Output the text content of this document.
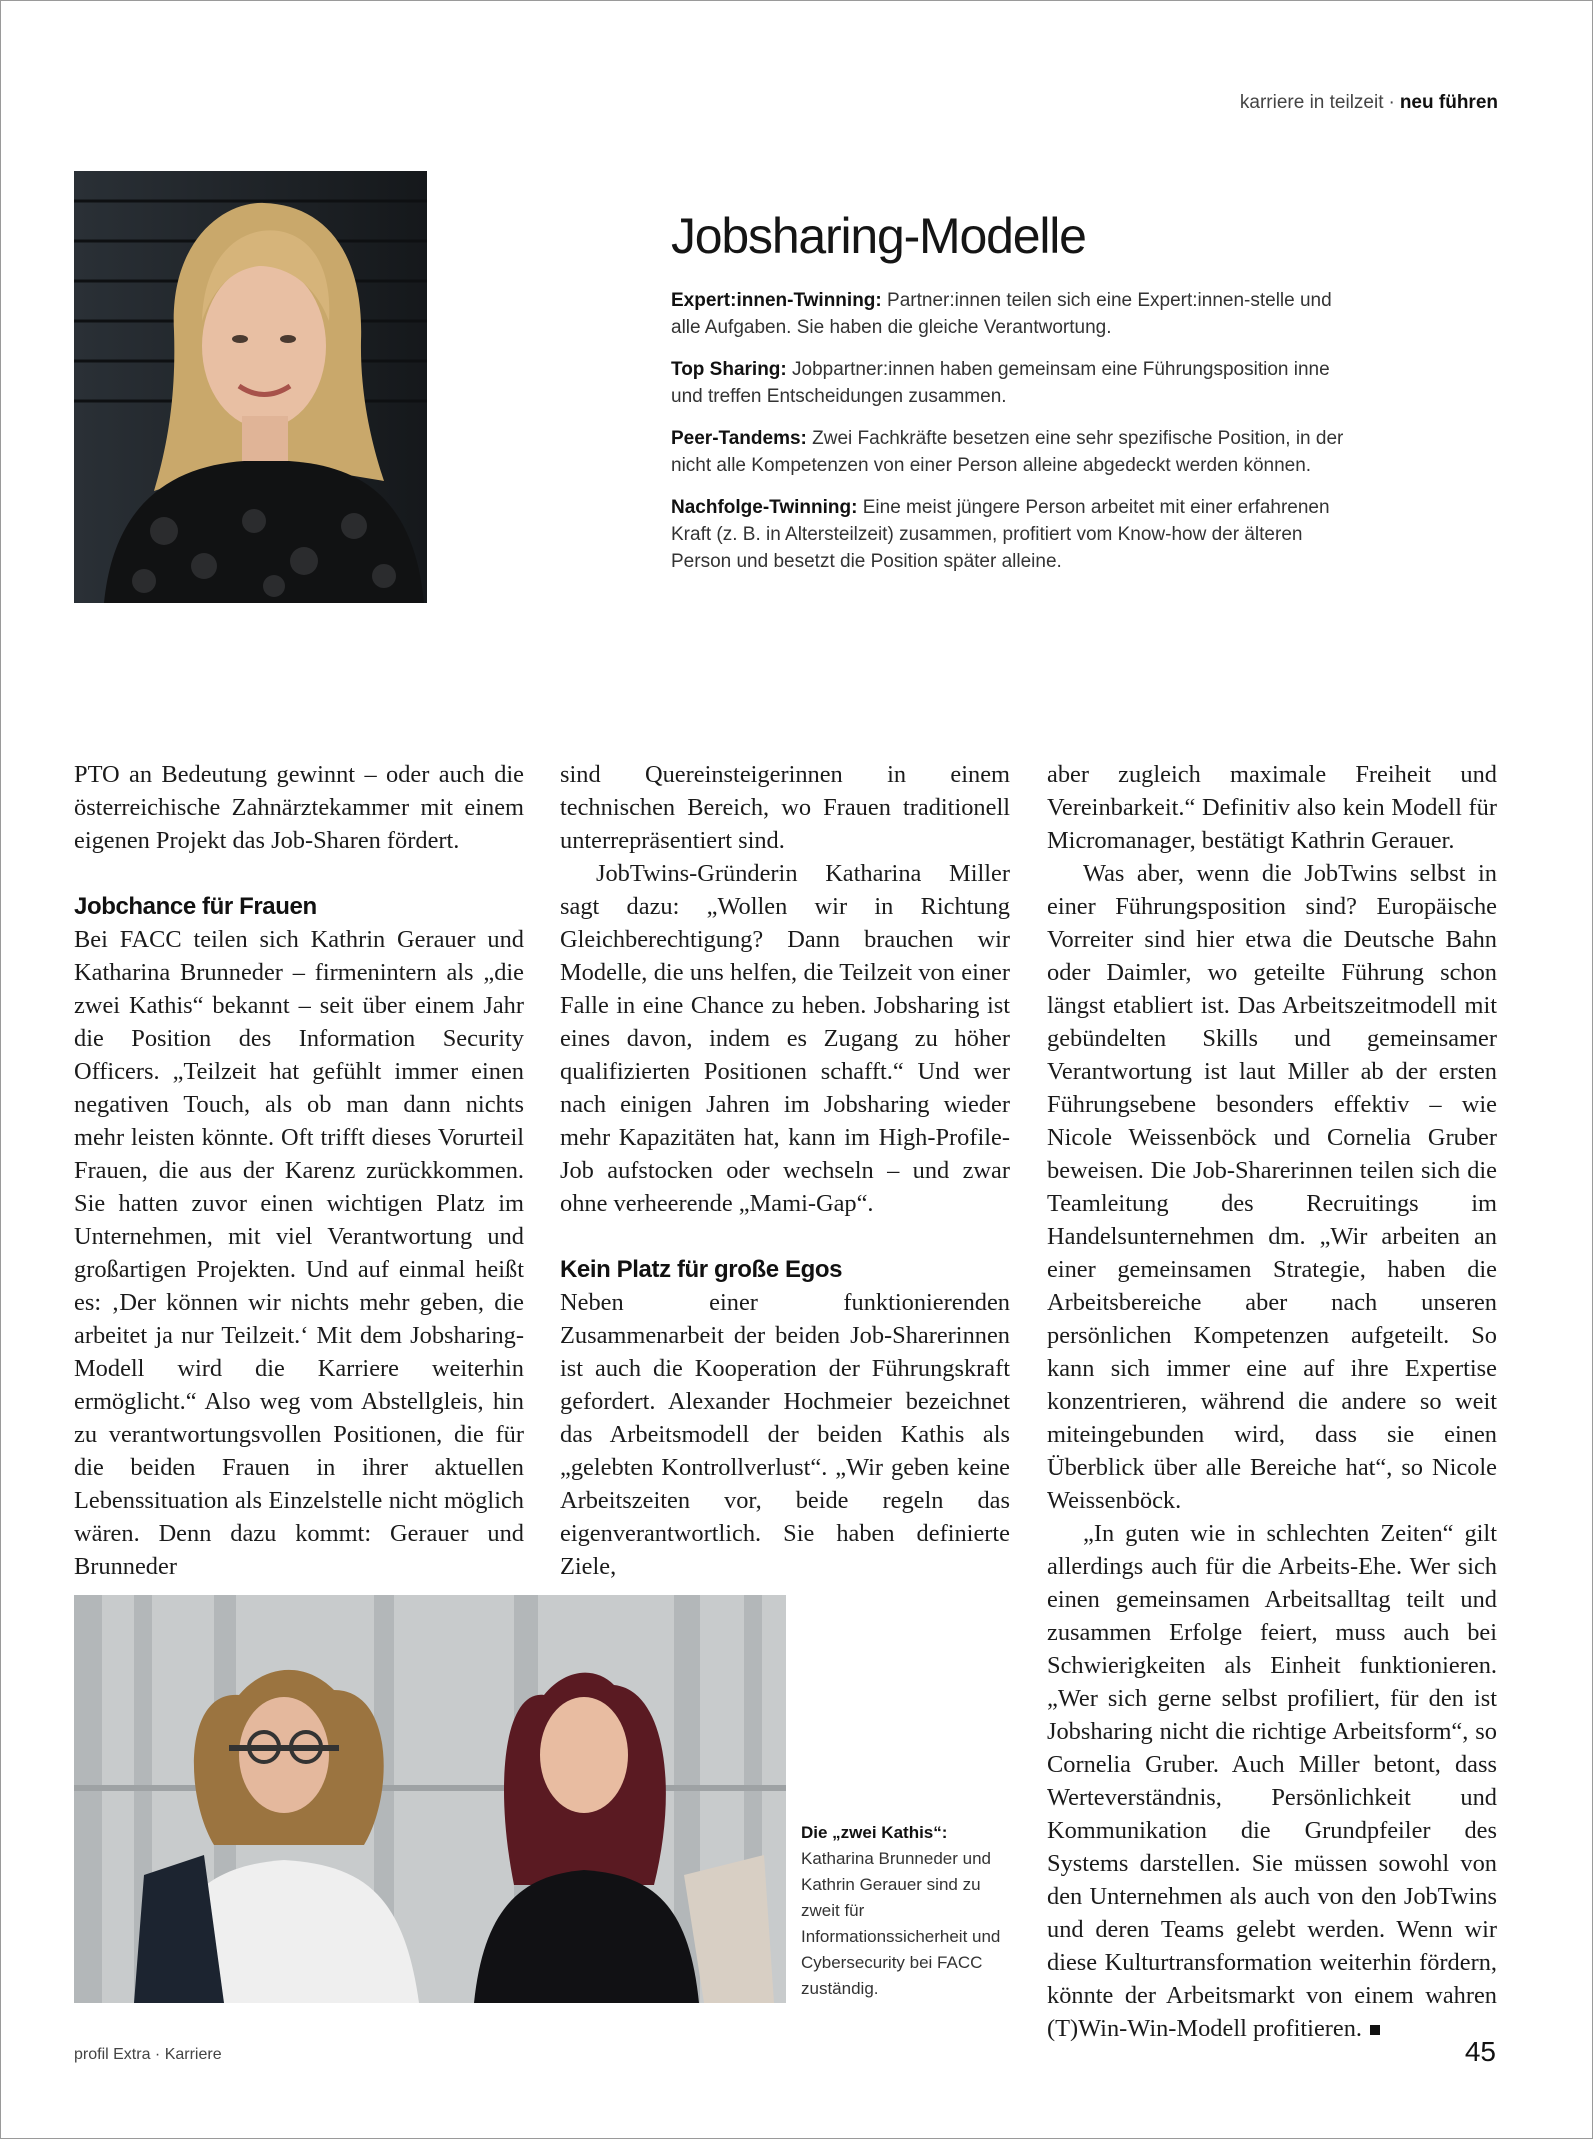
karriere in teilzeit · neu führen
Jobsharing-Modelle

Expert:innen-Twinning: Partner:innen teilen sich eine Expert:innen-stelle und alle Aufgaben. Sie haben die gleiche Verantwortung.

Top Sharing: Jobpartner:innen haben gemeinsam eine Führungsposition inne und treffen Entscheidungen zusammen.

Peer-Tandems: Zwei Fachkräfte besetzen eine sehr spezifische Position, in der nicht alle Kompetenzen von einer Person alleine abgedeckt werden können.

Nachfolge-Twinning: Eine meist jüngere Person arbeitet mit einer erfahrenen Kraft (z. B. in Altersteilzeit) zusammen, profitiert vom Know-how der älteren Person und besetzt die Position später alleine.

PTO an Bedeutung gewinnt – oder auch die österreichische Zahnärztekammer mit einem eigenen Projekt das Job-Sharen fördert.

Jobchance für Frauen

Bei FACC teilen sich Kathrin Gerauer und Katharina Brunneder – firmenintern als „die zwei Kathis“ bekannt – seit über einem Jahr die Position des Information Security Officers. „Teilzeit hat gefühlt immer einen negativen Touch, als ob man dann nichts mehr leisten könnte. Oft trifft dieses Vorurteil Frauen, die aus der Karenz zurückkommen. Sie hatten zuvor einen wichtigen Platz im Unternehmen, mit viel Verantwortung und großartigen Projekten. Und auf einmal heißt es: ‚Der können wir nichts mehr geben, die arbeitet ja nur Teilzeit.‘ Mit dem Jobsharing-Modell wird die Karriere weiterhin ermöglicht.“ Also weg vom Abstellgleis, hin zu verantwortungsvollen Positionen, die für die beiden Frauen in ihrer aktuellen Lebenssituation als Einzelstelle nicht möglich wären. Denn dazu kommt: Gerauer und Brunneder

sind Quereinsteigerinnen in einem technischen Bereich, wo Frauen traditionell unterrepräsentiert sind.

JobTwins-Gründerin Katharina Miller sagt dazu: „Wollen wir in Richtung Gleichberechtigung? Dann brauchen wir Modelle, die uns helfen, die Teilzeit von einer Falle in eine Chance zu heben. Jobsharing ist eines davon, indem es Zugang zu höher qualifizierten Positionen schafft.“ Und wer nach einigen Jahren im Jobsharing wieder mehr Kapazitäten hat, kann im High-Profile-Job aufstocken oder wechseln – und zwar ohne verheerende „Mami-Gap“.

Kein Platz für große Egos

Neben einer funktionierenden Zusammenarbeit der beiden Job-Sharerinnen ist auch die Kooperation der Führungskraft gefordert. Alexander Hochmeier bezeichnet das Arbeitsmodell der beiden Kathis als „gelebten Kontrollverlust“. „Wir geben keine Arbeitszeiten vor, beide regeln das eigenverantwortlich. Sie haben definierte Ziele,

aber zugleich maximale Freiheit und Vereinbarkeit.“ Definitiv also kein Modell für Micromanager, bestätigt Kathrin Gerauer.

Was aber, wenn die JobTwins selbst in einer Führungsposition sind? Europäische Vorreiter sind hier etwa die Deutsche Bahn oder Daimler, wo geteilte Führung schon längst etabliert ist. Das Arbeitszeitmodell mit gebündelten Skills und gemeinsamer Verantwortung ist laut Miller ab der ersten Führungsebene besonders effektiv – wie Nicole Weissenböck und Cornelia Gruber beweisen. Die Job-Sharerinnen teilen sich die Teamleitung des Recruitings im Handelsunternehmen dm. „Wir arbeiten an einer gemeinsamen Strategie, haben die Arbeitsbereiche aber nach unseren persönlichen Kompetenzen aufgeteilt. So kann sich immer eine auf ihre Expertise konzentrieren, während die andere so weit miteingebunden wird, dass sie einen Überblick über alle Bereiche hat“, so Nicole Weissenböck.

„In guten wie in schlechten Zeiten“ gilt allerdings auch für die Arbeits-Ehe. Wer sich einen gemeinsamen Arbeitsalltag teilt und zusammen Erfolge feiert, muss auch bei Schwierigkeiten als Einheit funktionieren. „Wer sich gerne selbst profiliert, für den ist Jobsharing nicht die richtige Arbeitsform“, so Cornelia Gruber. Auch Miller betont, dass Werteverständnis, Persönlichkeit und Kommunikation die Grundpfeiler des Systems darstellen. Sie müssen sowohl von den Unternehmen als auch von den JobTwins und deren Teams gelebt werden. Wenn wir diese Kulturtransformation weiterhin fördern, könnte der Arbeitsmarkt von einem wahren (T)Win-Win-Modell profitieren.

Die „zwei Kathis“:
Katharina Brunneder und Kathrin Gerauer sind zu zweit für Informationssicherheit und Cybersecurity bei FACC zuständig.
profil Extra · Karriere	45
